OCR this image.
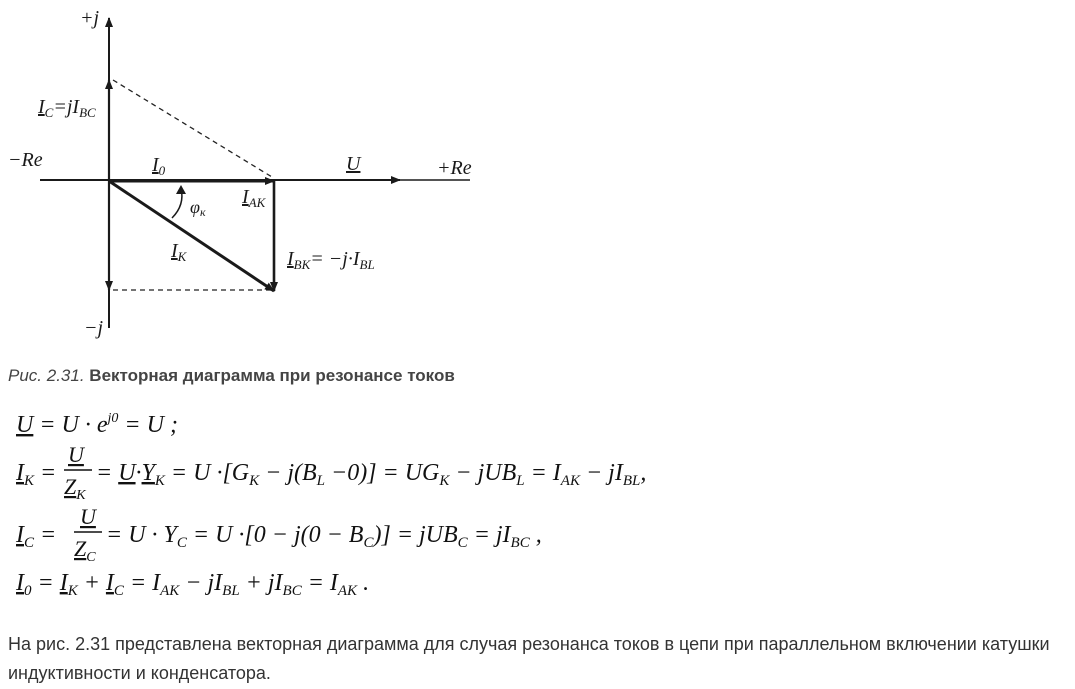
+j
−j
−Re	+Re
$I_C=jI_{BC}$
$I_0$	U
φк
$I_{AK}$
$I_K$	$I_{BK}= -j\cdot I_{BL}$
Рис. 2.31. Векторная диаграмма при резонансе токов
$U = U \cdot e^{j0} = U$ ;
$I_K$ =
U
$Z_K$
= $U\cdot Y_K = U \cdot[G_K - j(B_L -0)] = UG_K - jUB_L = I_{AK} - jI_{BL}$,
$I_C$ =
U
$Z_C$
= $U \cdot Y_C = U \cdot[0 - j(0 - B_C)] = jUB_C = jI_{BC}$ ,
$I_0 = I_K + I_C = I_{AK} - jI_{BL} + jI_{BC} = I_{AK}$ .
На рис. 2.31 представлена векторная диаграмма для случая резонанса токов в цепи при параллельном включении катушки индуктивности и конденсатора.
